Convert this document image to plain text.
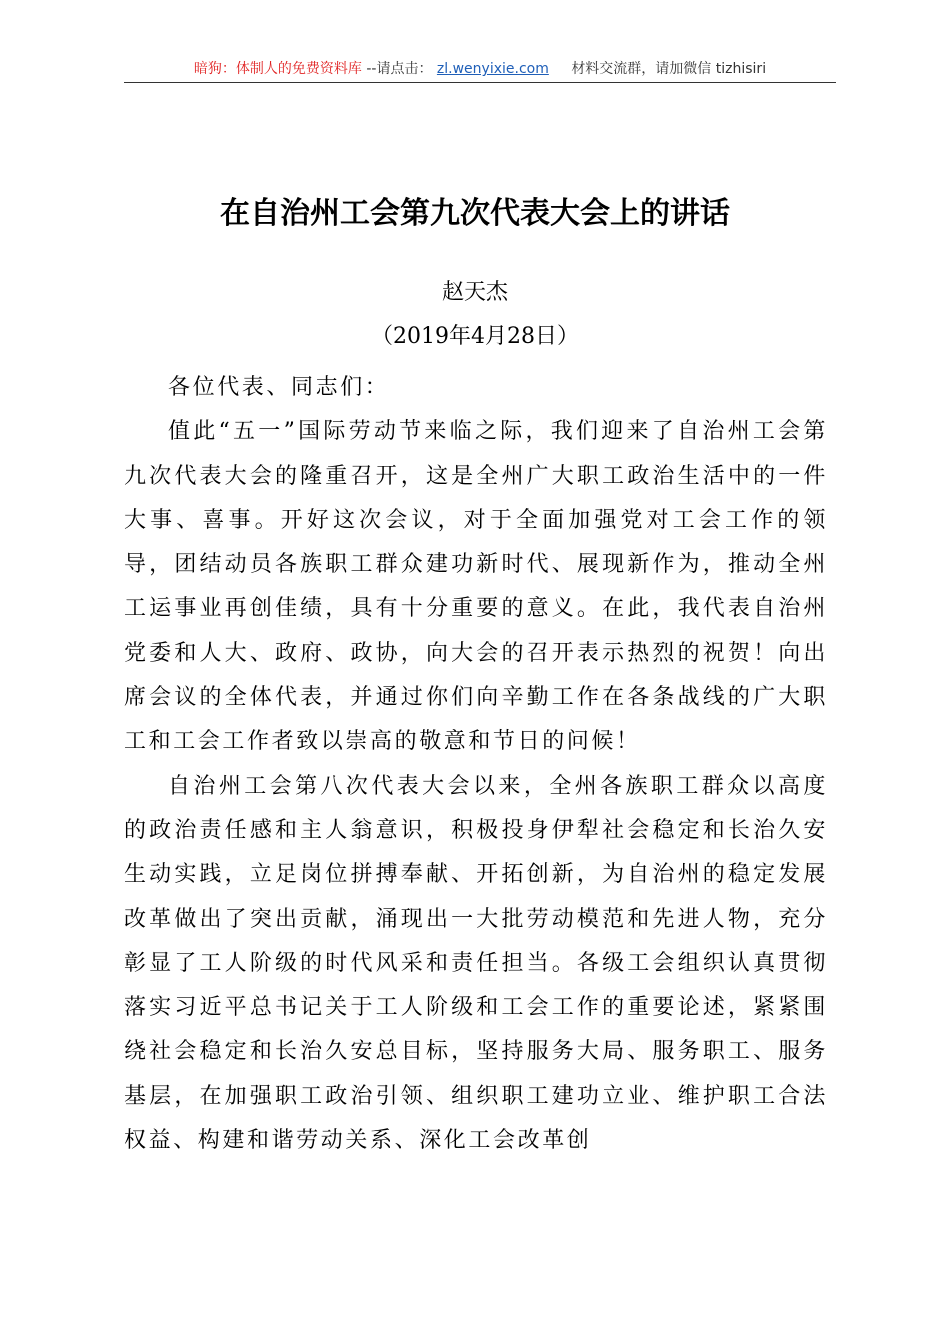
暗狗：体制人的免费资料库 --请点击： zl.wenyixie.com 材料交流群，请加微信 tizhisiri
在自治州工会第九次代表大会上的讲话
赵天杰
（2019年4月28日）

各位代表、同志们：

值此“五一”国际劳动节来临之际，我们迎来了自治州工会第九次代表大会的隆重召开，这是全州广大职工政治生活中的一件大事、喜事。开好这次会议，对于全面加强党对工会工作的领导，团结动员各族职工群众建功新时代、展现新作为，推动全州工运事业再创佳绩，具有十分重要的意义。在此，我代表自治州党委和人大、政府、政协，向大会的召开表示热烈的祝贺！向出席会议的全体代表，并通过你们向辛勤工作在各条战线的广大职工和工会工作者致以崇高的敬意和节日的问候！

自治州工会第八次代表大会以来，全州各族职工群众以高度的政治责任感和主人翁意识，积极投身伊犁社会稳定和长治久安生动实践，立足岗位拼搏奉献、开拓创新，为自治州的稳定发展改革做出了突出贡献，涌现出一大批劳动模范和先进人物，充分彰显了工人阶级的时代风采和责任担当。各级工会组织认真贯彻落实习近平总书记关于工人阶级和工会工作的重要论述，紧紧围绕社会稳定和长治久安总目标，坚持服务大局、服务职工、服务基层，在加强职工政治引领、组织职工建功立业、维护职工合法权益、构建和谐劳动关系、深化工会改革创
